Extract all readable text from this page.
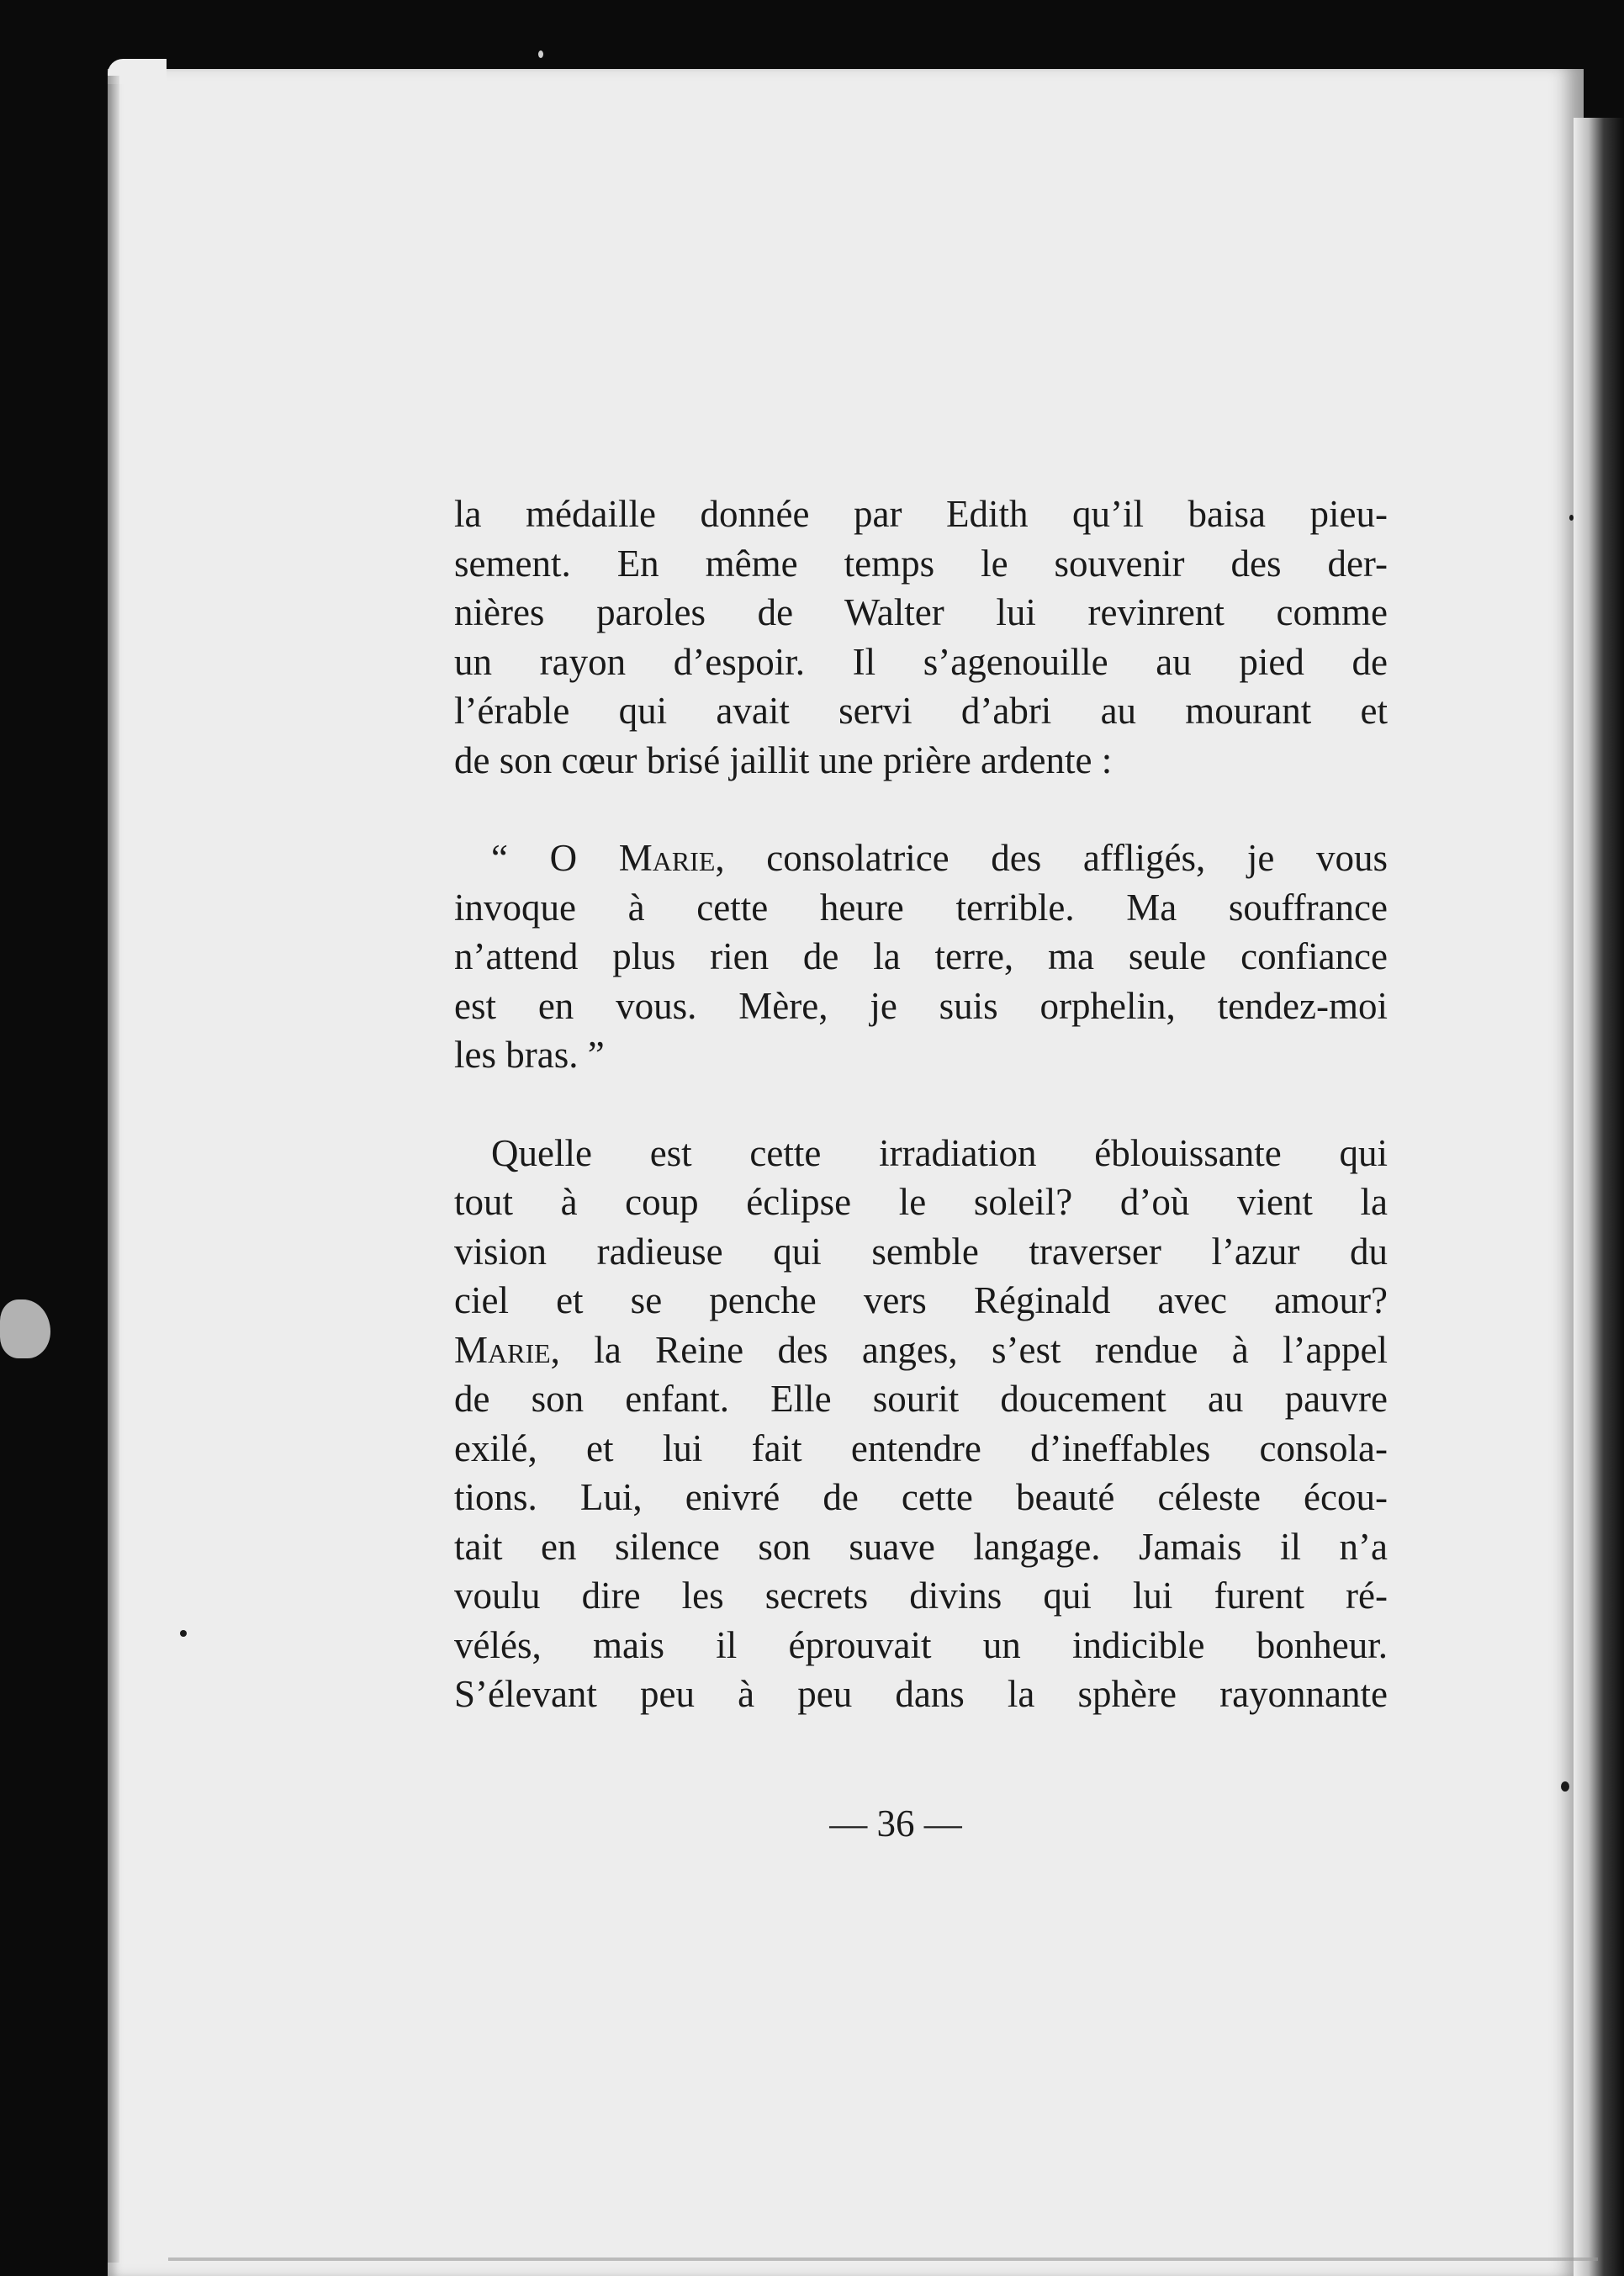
la médaille donnée par Edith qu’il baisa pieu-
sement. En même temps le souvenir des der-
nières paroles de Walter lui revinrent comme
un rayon d’espoir. Il s’agenouille au pied de
l’érable qui avait servi d’abri au mourant et
de son cœur brisé jaillit une prière ardente :

“ O Marie, consolatrice des affligés, je vous
invoque à cette heure terrible. Ma souffrance
n’attend plus rien de la terre, ma seule confiance
est en vous. Mère, je suis orphelin, tendez-moi
les bras. ”

Quelle est cette irradiation éblouissante qui
tout à coup éclipse le soleil? d’où vient la
vision radieuse qui semble traverser l’azur du
ciel et se penche vers Réginald avec amour?
Marie, la Reine des anges, s’est rendue à l’appel
de son enfant. Elle sourit doucement au pauvre
exilé, et lui fait entendre d’ineffables consola-
tions. Lui, enivré de cette beauté céleste écou-
tait en silence son suave langage. Jamais il n’a
voulu dire les secrets divins qui lui furent ré-
vélés, mais il éprouvait un indicible bonheur.
S’élevant peu à peu dans la sphère rayonnante

— 36 —
